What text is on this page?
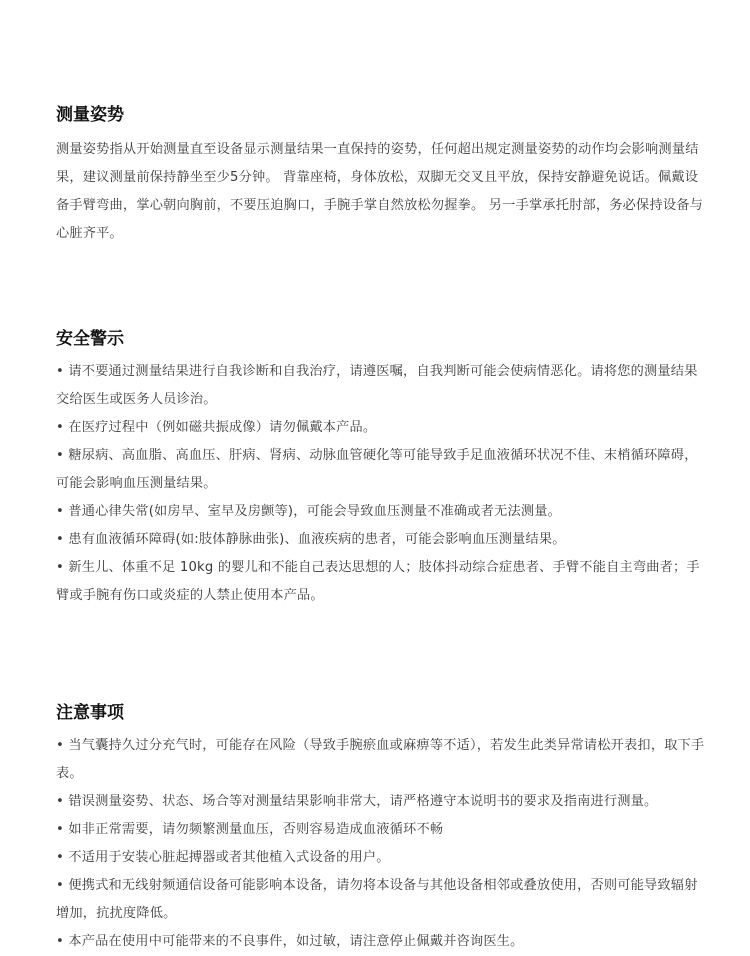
测量姿势
测量姿势指从开始测量直至设备显示测量结果一直保持的姿势，任何超出规定测量姿势的动作均会影响测量结果，建议测量前保持静坐至少5分钟。 背靠座椅，身体放松，双脚无交叉且平放，保持安静避免说话。佩戴设备手臂弯曲，掌心朝向胸前，不要压迫胸口，手腕手掌自然放松勿握拳。 另一手掌承托肘部，务必保持设备与心脏齐平。
安全警示
• 请不要通过测量结果进行自我诊断和自我治疗，请遵医嘱，自我判断可能会使病情恶化。请将您的测量结果交给医生或医务人员诊治。
• 在医疗过程中（例如磁共振成像）请勿佩戴本产品。
• 糖尿病、高血脂、高血压、肝病、肾病、动脉血管硬化等可能导致手足血液循环状况不佳、末梢循环障碍，可能会影响血压测量结果。
• 普通心律失常(如房早、室早及房颤等)，可能会导致血压测量不准确或者无法测量。
• 患有血液循环障碍(如:肢体静脉曲张)、血液疾病的患者，可能会影响血压测量结果。
• 新生儿、体重不足 10kg 的婴儿和不能自己表达思想的人；肢体抖动综合症患者、手臂不能自主弯曲者；手臂或手腕有伤口或炎症的人禁止使用本产品。
注意事项
• 当气囊持久过分充气时，可能存在风险（导致手腕瘀血或麻痹等不适），若发生此类异常请松开表扣，取下手表。
• 错误测量姿势、状态、场合等对测量结果影响非常大，请严格遵守本说明书的要求及指南进行测量。
• 如非正常需要，请勿频繁测量血压，否则容易造成血液循环不畅
• 不适用于安装心脏起搏器或者其他植入式设备的用户。
• 便携式和无线射频通信设备可能影响本设备，请勿将本设备与其他设备相邻或叠放使用，否则可能导致辐射增加，抗扰度降低。
• 本产品在使用中可能带来的不良事件，如过敏，请注意停止佩戴并咨询医生。
